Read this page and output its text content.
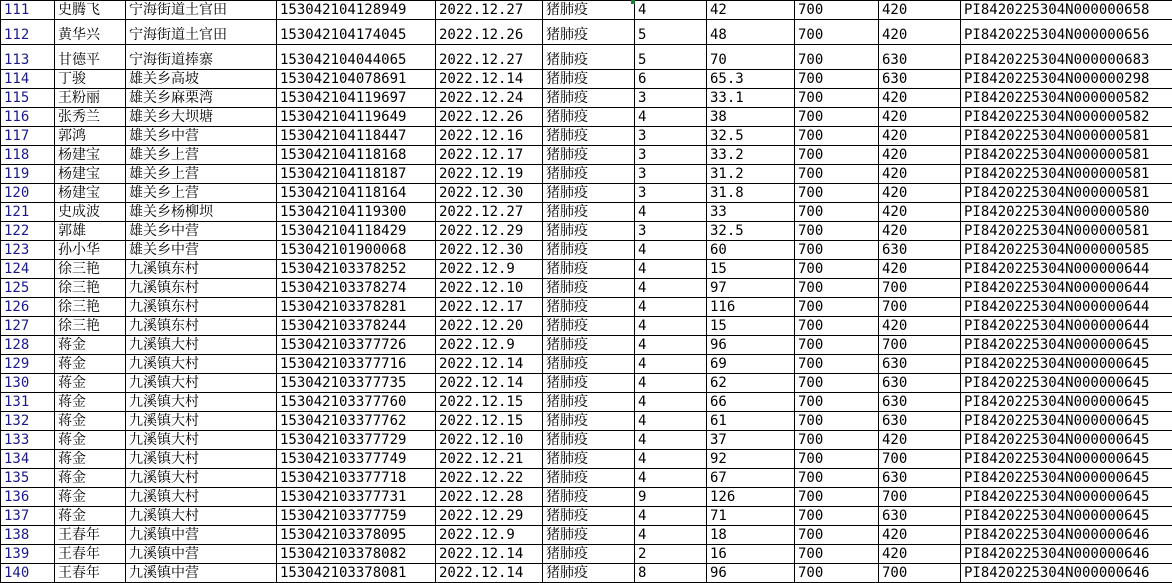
111	史腾飞	宁海街道土官田	153042104128949	2022.12.27	猪肺疫	4	42	700	420	PI8420225304N000000658
112	黄华兴	宁海街道土官田	153042104174045	2022.12.26	猪肺疫	5	48	700	420	PI8420225304N000000656
113	甘德平	宁海街道捧寨	153042104044065	2022.12.27	猪肺疫	5	70	700	630	PI8420225304N000000683
114	丁骏	雄关乡高坡	153042104078691	2022.12.14	猪肺疫	6	65.3	700	630	PI8420225304N000000298
115	王粉丽	雄关乡麻栗湾	153042104119697	2022.12.24	猪肺疫	3	33.1	700	420	PI8420225304N000000582
116	张秀兰	雄关乡大坝塘	153042104119649	2022.12.26	猪肺疫	4	38	700	420	PI8420225304N000000582
117	郭鸿	雄关乡中营	153042104118447	2022.12.16	猪肺疫	3	32.5	700	420	PI8420225304N000000581
118	杨建宝	雄关乡上营	153042104118168	2022.12.17	猪肺疫	3	33.2	700	420	PI8420225304N000000581
119	杨建宝	雄关乡上营	153042104118187	2022.12.19	猪肺疫	3	31.2	700	420	PI8420225304N000000581
120	杨建宝	雄关乡上营	153042104118164	2022.12.30	猪肺疫	3	31.8	700	420	PI8420225304N000000581
121	史成波	雄关乡杨柳坝	153042104119300	2022.12.27	猪肺疫	4	33	700	420	PI8420225304N000000580
122	郭雄	雄关乡中营	153042104118429	2022.12.29	猪肺疫	3	32.5	700	420	PI8420225304N000000581
123	孙小华	雄关乡中营	153042101900068	2022.12.30	猪肺疫	4	60	700	630	PI8420225304N000000585
124	徐三艳	九溪镇东村	153042103378252	2022.12.9	猪肺疫	4	15	700	420	PI8420225304N000000644
125	徐三艳	九溪镇东村	153042103378274	2022.12.10	猪肺疫	4	97	700	700	PI8420225304N000000644
126	徐三艳	九溪镇东村	153042103378281	2022.12.17	猪肺疫	4	116	700	700	PI8420225304N000000644
127	徐三艳	九溪镇东村	153042103378244	2022.12.20	猪肺疫	4	15	700	420	PI8420225304N000000644
128	蒋金	九溪镇大村	153042103377726	2022.12.9	猪肺疫	4	96	700	700	PI8420225304N000000645
129	蒋金	九溪镇大村	153042103377716	2022.12.14	猪肺疫	4	69	700	630	PI8420225304N000000645
130	蒋金	九溪镇大村	153042103377735	2022.12.14	猪肺疫	4	62	700	630	PI8420225304N000000645
131	蒋金	九溪镇大村	153042103377760	2022.12.15	猪肺疫	4	66	700	630	PI8420225304N000000645
132	蒋金	九溪镇大村	153042103377762	2022.12.15	猪肺疫	4	61	700	630	PI8420225304N000000645
133	蒋金	九溪镇大村	153042103377729	2022.12.10	猪肺疫	4	37	700	420	PI8420225304N000000645
134	蒋金	九溪镇大村	153042103377749	2022.12.21	猪肺疫	4	92	700	700	PI8420225304N000000645
135	蒋金	九溪镇大村	153042103377718	2022.12.22	猪肺疫	4	67	700	630	PI8420225304N000000645
136	蒋金	九溪镇大村	153042103377731	2022.12.28	猪肺疫	9	126	700	700	PI8420225304N000000645
137	蒋金	九溪镇大村	153042103377759	2022.12.29	猪肺疫	4	71	700	630	PI8420225304N000000645
138	王春年	九溪镇中营	153042103378095	2022.12.9	猪肺疫	4	18	700	420	PI8420225304N000000646
139	王春年	九溪镇中营	153042103378082	2022.12.14	猪肺疫	2	16	700	420	PI8420225304N000000646
140	王春年	九溪镇中营	153042103378081	2022.12.14	猪肺疫	8	96	700	700	PI8420225304N000000646
